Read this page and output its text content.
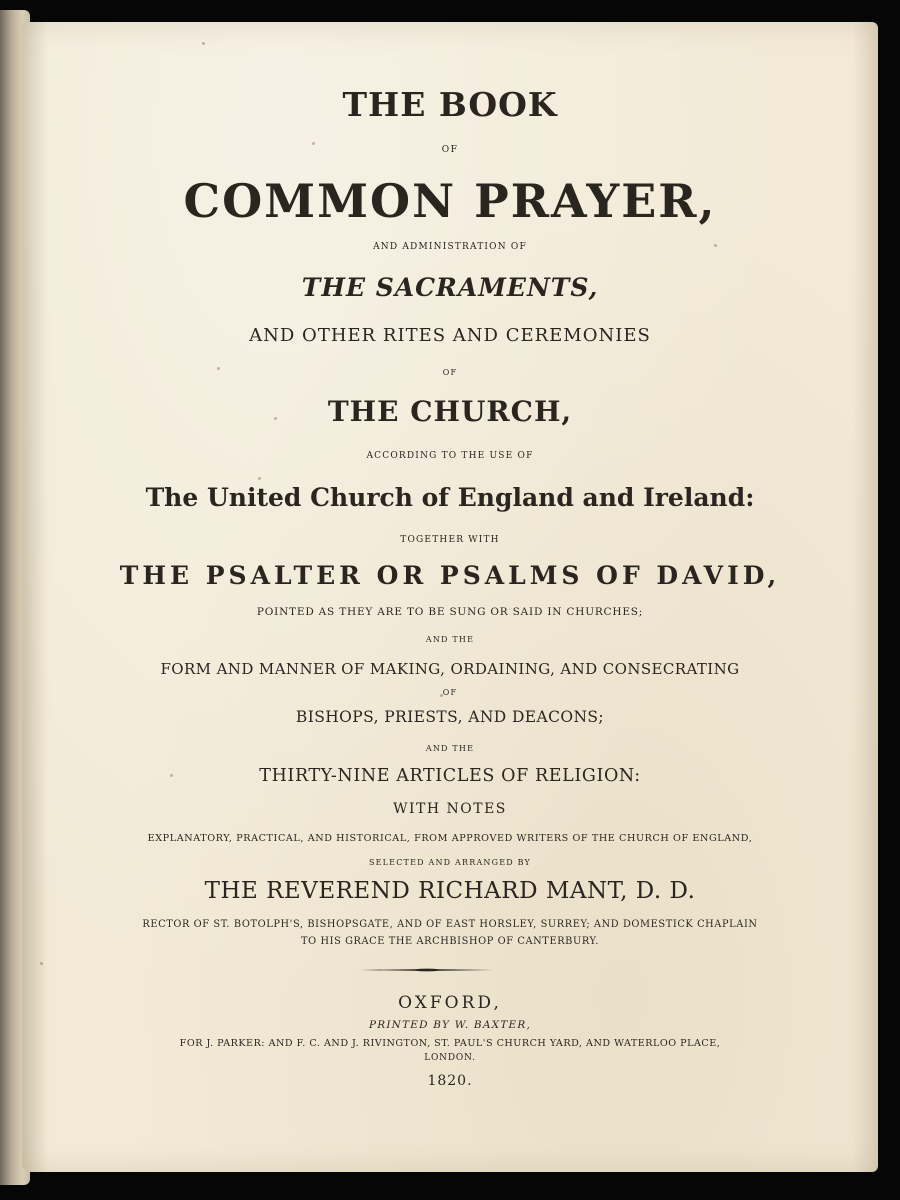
THE BOOK
OF
COMMON PRAYER,
AND ADMINISTRATION OF
THE SACRAMENTS,
AND OTHER RITES AND CEREMONIES
OF
THE CHURCH,
ACCORDING TO THE USE OF
The United Church of England and Ireland:
TOGETHER WITH
THE PSALTER OR PSALMS OF DAVID,
POINTED AS THEY ARE TO BE SUNG OR SAID IN CHURCHES;
AND THE
FORM AND MANNER OF MAKING, ORDAINING, AND CONSECRATING
OF
BISHOPS, PRIESTS, AND DEACONS;
AND THE
THIRTY-NINE ARTICLES OF RELIGION:
WITH NOTES
EXPLANATORY, PRACTICAL, AND HISTORICAL, FROM APPROVED WRITERS OF THE CHURCH OF ENGLAND,
SELECTED AND ARRANGED BY
THE REVEREND RICHARD MANT, D. D.
RECTOR OF ST. BOTOLPH'S, BISHOPSGATE, AND OF EAST HORSLEY, SURREY; AND DOMESTICK CHAPLAIN
TO HIS GRACE THE ARCHBISHOP OF CANTERBURY.
OXFORD,
PRINTED BY W. BAXTER,
FOR J. PARKER: AND F. C. AND J. RIVINGTON, ST. PAUL'S CHURCH YARD, AND WATERLOO PLACE,
LONDON.
1820.
